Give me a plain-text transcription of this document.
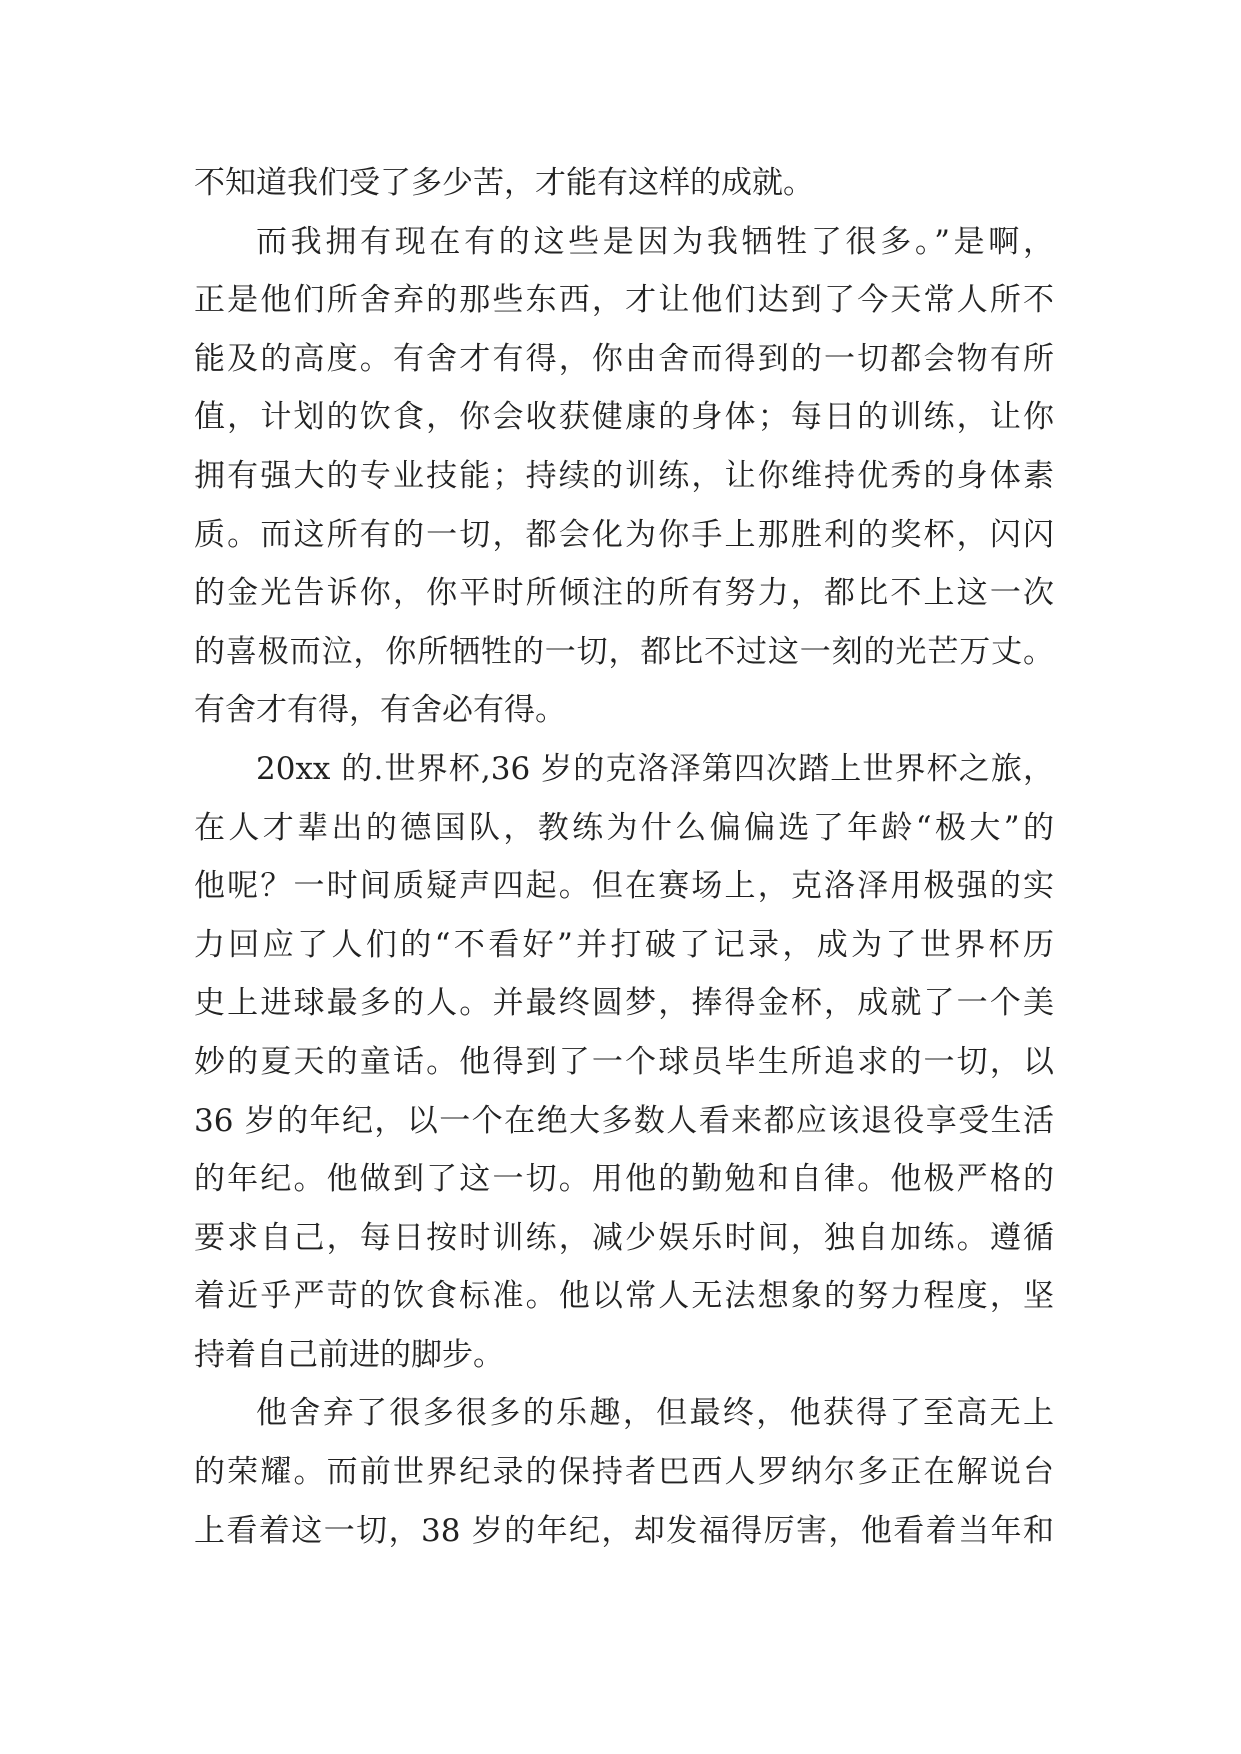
不知道我们受了多少苦，才能有这样的成就。
而我拥有现在有的这些是因为我牺牲了很多。”是啊，
正是他们所舍弃的那些东西，才让他们达到了今天常人所不
能及的高度。有舍才有得，你由舍而得到的一切都会物有所
值，计划的饮食，你会收获健康的身体；每日的训练，让你
拥有强大的专业技能；持续的训练，让你维持优秀的身体素
质。而这所有的一切，都会化为你手上那胜利的奖杯，闪闪
的金光告诉你，你平时所倾注的所有努力，都比不上这一次
的喜极而泣，你所牺牲的一切，都比不过这一刻的光芒万丈。
有舍才有得，有舍必有得。
20xx 的.世界杯,36 岁的克洛泽第四次踏上世界杯之旅，
在人才辈出的德国队，教练为什么偏偏选了年龄“极大”的
他呢？一时间质疑声四起。但在赛场上，克洛泽用极强的实
力回应了人们的“不看好”并打破了记录，成为了世界杯历
史上进球最多的人。并最终圆梦，捧得金杯，成就了一个美
妙的夏天的童话。他得到了一个球员毕生所追求的一切，以
36 岁的年纪，以一个在绝大多数人看来都应该退役享受生活
的年纪。他做到了这一切。用他的勤勉和自律。他极严格的
要求自己，每日按时训练，减少娱乐时间，独自加练。遵循
着近乎严苛的饮食标准。他以常人无法想象的努力程度，坚
持着自己前进的脚步。
他舍弃了很多很多的乐趣，但最终，他获得了至高无上
的荣耀。而前世界纪录的保持者巴西人罗纳尔多正在解说台
上看着这一切，38 岁的年纪，却发福得厉害，他看着当年和
